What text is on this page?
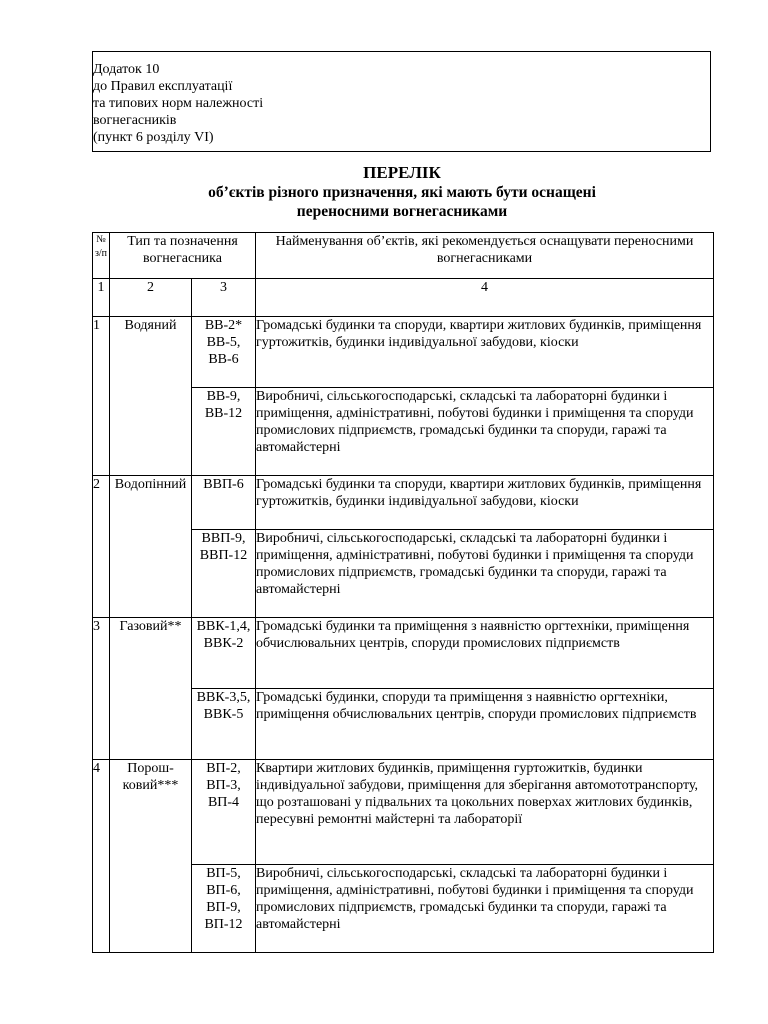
Додаток 10
до Правил експлуатації
та типових норм належності
вогнегасників
(пункт 6 розділу VI)
ПЕРЕЛІК
об’єктів різного призначення, які мають бути оснащені
переносними вогнегасниками
№ з/п	Тип та позначення вогнегасника		Найменування об’єктів, які рекомендується оснащувати переносними вогнегасниками
1	2	3	4
1	Водяний	ВВ-2* ВВ-5, ВВ-6	Громадські будинки та споруди, квартири житлових будинків, приміщення гуртожитків, будинки індивідуальної забудови, кіоски
		ВВ-9, ВВ-12	Виробничі, сільськогосподарські, складські та лабораторні будинки і приміщення, адміністративні, побутові будинки і приміщення та споруди промислових підприємств, громадські будинки та споруди, гаражі та автомайстерні
2	Водопінний	ВВП-6	Громадські будинки та споруди, квартири житлових будинків, приміщення гуртожитків, будинки індивідуальної забудови, кіоски
		ВВП-9, ВВП-12	Виробничі, сільськогосподарські, складські та лабораторні будинки і приміщення, адміністративні, побутові будинки і приміщення та споруди промислових підприємств, громадські будинки та споруди, гаражі та автомайстерні
3	Газовий**	ВВК-1,4, ВВК-2	Громадські будинки та приміщення з наявністю оргтехніки, приміщення обчислювальних центрів, споруди промислових підприємств
		ВВК-3,5, ВВК-5	Громадські будинки, споруди та приміщення з наявністю оргтехніки, приміщення обчислювальних центрів, споруди промислових підприємств
4	Порош-ковий***	ВП-2, ВП-3, ВП-4	Квартири житлових будинків, приміщення гуртожитків, будинки індивідуальної забудови, приміщення для зберігання автомототранспорту, що розташовані у підвальних та цокольних поверхах житлових будинків, пересувні ремонтні майстерні та лабораторії
		ВП-5, ВП-6, ВП-9, ВП-12	Виробничі, сільськогосподарські, складські та лабораторні будинки і приміщення, адміністративні, побутові будинки і приміщення та споруди промислових підприємств, громадські будинки та споруди, гаражі та автомайстерні
